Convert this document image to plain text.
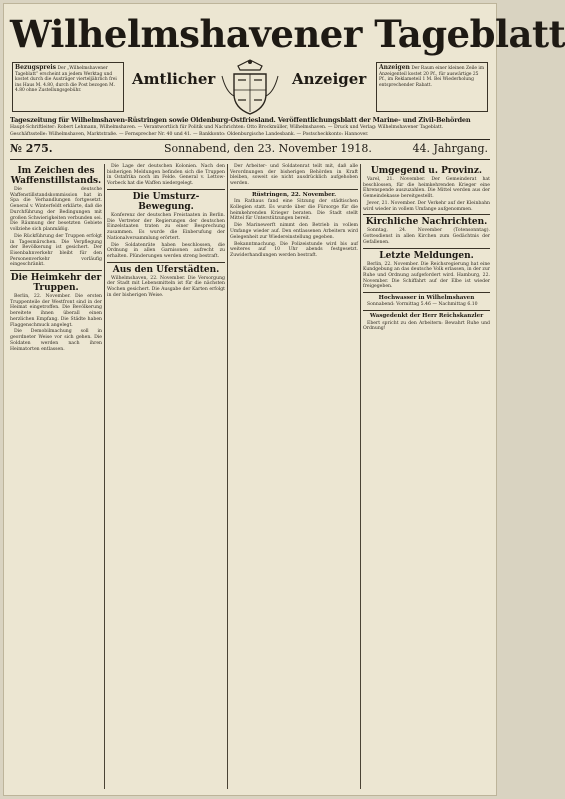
Wilhelmshavener Tageblatt
Bezugspreis Der „Wilhelmshavener Tageblatt“ erscheint an jedem Werktag und kostet durch die Austräger vierteljährlich frei ins Haus M. 4.80, durch die Post bezogen M. 4.80 ohne Zustellungsgebühr.
Amtlicher	Anzeiger
Anzeigen Der Raum einer kleinen Zeile im Anzeigenteil kostet 20 Pf., für auswärtige 25 Pf., im Reklameteil 1 M. Bei Wiederholung entsprechender Rabatt.
Tageszeitung für Wilhelmshaven-Rüstringen sowie Oldenburg-Ostfriesland. Veröffentlichungsblatt der Marine- und Zivil-Behörden
Haupt-Schriftleiter: Robert Lehmann, Wilhelmshaven. — Verantwortlich für Politik und Nachrichten: Otto Brockmüller, Wilhelmshaven. — Druck und Verlag: Wilhelmshavener Tageblatt.
Geschäftsstelle: Wilhelmshaven, Marktstraße. — Fernsprecher Nr. 40 und 41. — Bankkonto: Oldenburgische Landesbank. — Postscheckkonto: Hannover.
№ 275.	Sonnabend, den 23. November 1918.	44. Jahrgang.
Im Zeichen des Waffenstillstands.

Die deutsche Waffenstillstandskommission hat in Spa die Verhandlungen fortgesetzt. General v. Winterfeldt erklärte, daß die Durchführung der Bedingungen mit großen Schwierigkeiten verbunden sei. Die Räumung der besetzten Gebiete vollziehe sich planmäßig.

Die Rückführung der Truppen erfolgt in Tagesmärschen. Die Verpflegung der Bevölkerung ist gesichert. Der Eisenbahnverkehr bleibt für den Personenverkehr vorläufig eingeschränkt.

Die Heimkehr der Truppen.

Berlin, 22. November. Die ersten Truppenteile der Westfront sind in der Heimat eingetroffen. Die Bevölkerung bereitete ihnen überall einen herzlichen Empfang. Die Städte haben Flaggenschmuck angelegt.

Die Demobilmachung soll in geordneter Weise vor sich gehen. Die Soldaten werden nach ihren Heimatorten entlassen.

Die Lage der deutschen Kolonien. Nach den bisherigen Meldungen befinden sich die Truppen in Ostafrika noch im Felde. General v. Lettow-Vorbeck hat die Waffen niedergelegt.

Die Umsturz-Bewegung.

Konferenz der deutschen Freistaaten in Berlin. Die Vertreter der Regierungen der deutschen Einzelstaaten traten zu einer Besprechung zusammen. Es wurde die Einberufung der Nationalversammlung erörtert.

Die Soldatenräte haben beschlossen, die Ordnung in allen Garnisonen aufrecht zu erhalten. Plünderungen werden streng bestraft.

Aus den Uferstädten.

Wilhelmshaven, 22. November. Die Versorgung der Stadt mit Lebensmitteln ist für die nächsten Wochen gesichert. Die Ausgabe der Karten erfolgt in der bisherigen Weise.

Der Arbeiter- und Soldatenrat teilt mit, daß alle Verordnungen der bisherigen Behörden in Kraft bleiben, soweit sie nicht ausdrücklich aufgehoben werden.

Rüstringen, 22. November.

Im Rathaus fand eine Sitzung der städtischen Kollegien statt. Es wurde über die Fürsorge für die heimkehrenden Krieger beraten. Die Stadt stellt Mittel für Unterstützungen bereit.

Die Marinewerft nimmt den Betrieb in vollem Umfange wieder auf. Den entlassenen Arbeitern wird Gelegenheit zur Wiedereinstellung gegeben.

Bekanntmachung. Die Polizeistunde wird bis auf weiteres auf 10 Uhr abends festgesetzt. Zuwiderhandlungen werden bestraft.

Umgegend u. Provinz.

Varel, 21. November. Der Gemeinderat hat beschlossen, für die heimkehrenden Krieger eine Ehrenspende auszuzahlen. Die Mittel werden aus der Gemeindekasse bereitgestellt.

Jever, 21. November. Der Verkehr auf der Kleinbahn wird wieder in vollem Umfange aufgenommen.

Kirchliche Nachrichten.

Sonntag, 24. November (Totensonntag). Gottesdienst in allen Kirchen zum Gedächtnis der Gefallenen.

Letzte Meldungen.

Berlin, 22. November. Die Reichsregierung hat eine Kundgebung an das deutsche Volk erlassen, in der zur Ruhe und Ordnung aufgefordert wird. Hamburg, 22. November. Die Schiffahrt auf der Elbe ist wieder freigegeben.

Hochwasser in Wilhelmshaven

Sonnabend: Vormittag 5.46 — Nachmittag 6.10

Wasgedenkt der Herr Reichskanzler

Ebert spricht zu den Arbeitern: Bewahrt Ruhe und Ordnung!
